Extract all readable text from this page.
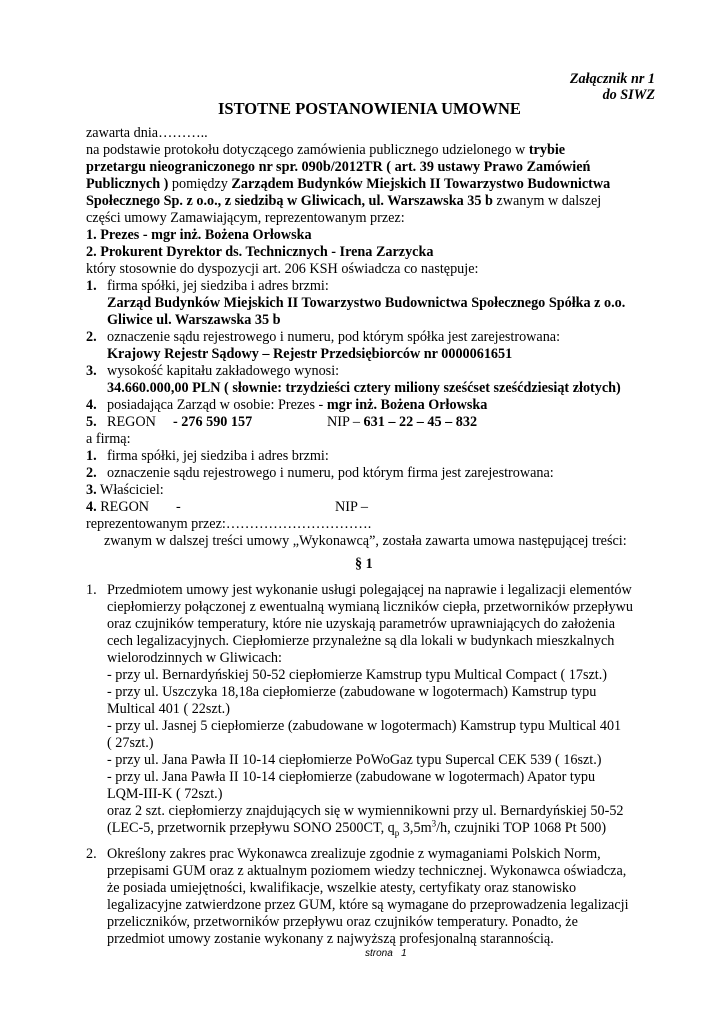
Załącznik nr 1
do SIWZ
ISTOTNE POSTANOWIENIA UMOWNE
zawarta dnia………..
na podstawie protokołu dotyczącego zamówienia publicznego udzielonego w trybie
przetargu nieograniczonego nr spr. 090b/2012TR ( art. 39 ustawy Prawo Zamówień
Publicznych ) pomiędzy Zarządem Budynków Miejskich II Towarzystwo Budownictwa
Społecznego Sp. z o.o., z siedzibą w Gliwicach, ul. Warszawska 35 b zwanym w dalszej
części umowy Zamawiającym, reprezentowanym przez:
1. Prezes - mgr inż. Bożena Orłowska
2. Prokurent Dyrektor ds. Technicznych - Irena Zarzycka
który stosownie do dyspozycji art. 206 KSH oświadcza co następuje:
1. firma spółki, jej siedziba i adres brzmi:
Zarząd Budynków Miejskich II Towarzystwo Budownictwa Społecznego Spółka z o.o.
Gliwice ul. Warszawska 35 b
2. oznaczenie sądu rejestrowego i numeru, pod którym spółka jest zarejestrowana:
Krajowy Rejestr Sądowy – Rejestr Przedsiębiorców nr 0000061651
3. wysokość kapitału zakładowego wynosi:
34.660.000,00 PLN ( słownie: trzydzieści cztery miliony sześćset sześćdziesiąt złotych)
4. posiadająca Zarząd w osobie: Prezes - mgr inż. Bożena Orłowska
5. REGON - 276 590 157	NIP – 631 – 22 – 45 – 832
a firmą:
1. firma spółki, jej siedziba i adres brzmi:
2. oznaczenie sądu rejestrowego i numeru, pod którym firma jest zarejestrowana:
3. Właściciel:
4. REGON -	NIP –
reprezentowanym przez:………………………….
zwanym w dalszej treści umowy „Wykonawcą”, została zawarta umowa następującej treści:
§ 1
1. Przedmiotem umowy jest wykonanie usługi polegającej na naprawie i legalizacji elementów
ciepłomierzy połączonej z ewentualną wymianą liczników ciepła, przetworników przepływu
oraz czujników temperatury, które nie uzyskają parametrów uprawniających do założenia
cech legalizacyjnych. Ciepłomierze przynależne są dla lokali w budynkach mieszkalnych
wielorodzinnych w Gliwicach:
- przy ul. Bernardyńskiej 50-52 ciepłomierze Kamstrup typu Multical Compact ( 17szt.)
- przy ul. Uszczyka 18,18a ciepłomierze (zabudowane w logotermach) Kamstrup typu
Multical 401 ( 22szt.)
- przy ul. Jasnej 5 ciepłomierze (zabudowane w logotermach) Kamstrup typu Multical 401
( 27szt.)
- przy ul. Jana Pawła II 10-14 ciepłomierze PoWoGaz typu Supercal CEK 539 ( 16szt.)
- przy ul. Jana Pawła II 10-14 ciepłomierze (zabudowane w logotermach) Apator typu
LQM-III-K ( 72szt.)
oraz 2 szt. ciepłomierzy znajdujących się w wymiennikowni przy ul. Bernardyńskiej 50-52
(LEC-5, przetwornik przepływu SONO 2500CT, $q_p$ $3,5m^3/h$, czujniki TOP 1068 Pt 500)
2. Określony zakres prac Wykonawca zrealizuje zgodnie z wymaganiami Polskich Norm,
przepisami GUM oraz z aktualnym poziomem wiedzy technicznej. Wykonawca oświadcza,
że posiada umiejętności, kwalifikacje, wszelkie atesty, certyfikaty oraz stanowisko
legalizacyjne zatwierdzone przez GUM, które są wymagane do przeprowadzenia legalizacji
przeliczników, przetworników przepływu oraz czujników temperatury. Ponadto, że
przedmiot umowy zostanie wykonany z najwyższą profesjonalną starannością.
strona 1
